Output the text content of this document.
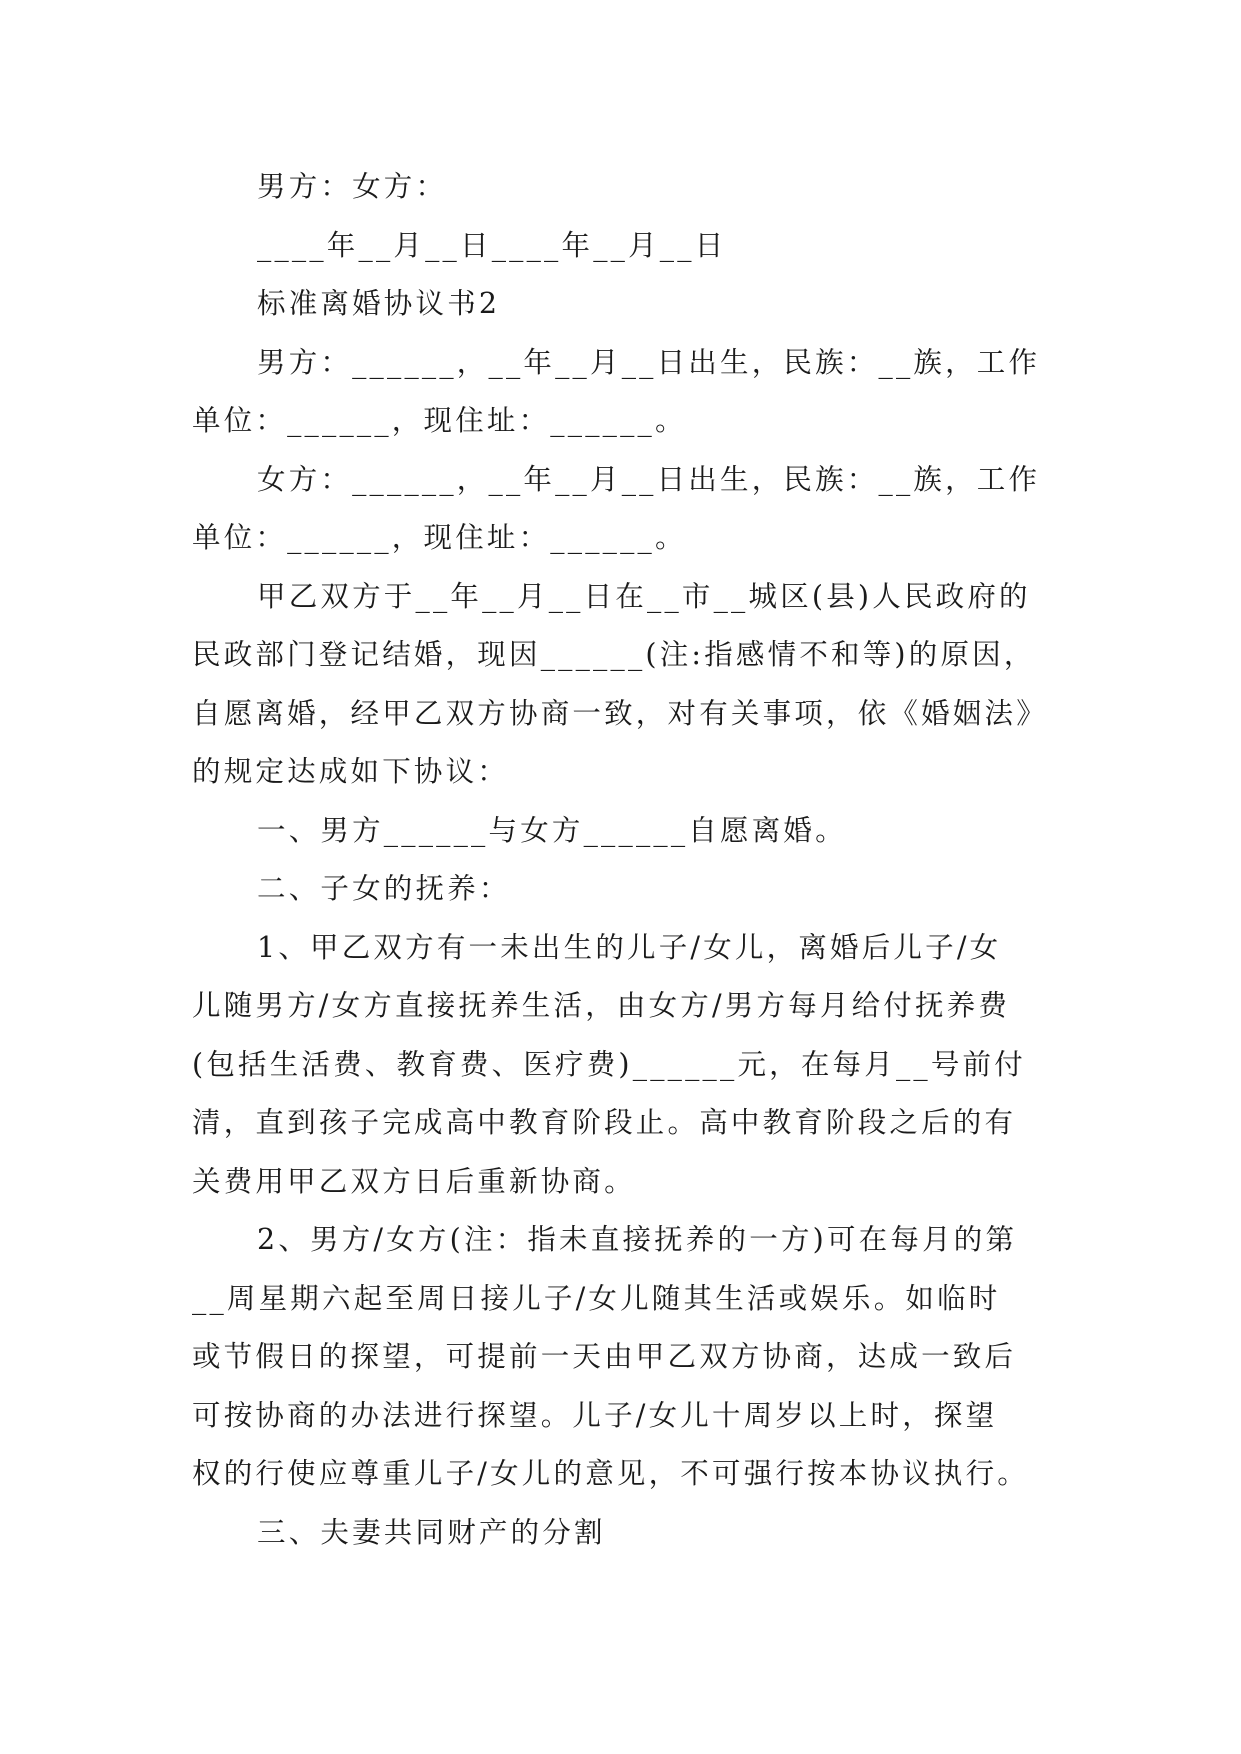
男方：女方：

____年__月__日____年__月__日

标准离婚协议书2

男方：______，__年__月__日出生，民族：__族，工作

单位：______，现住址：______。

女方：______，__年__月__日出生，民族：__族，工作

单位：______，现住址：______。

甲乙双方于__年__月__日在__市__城区(县)人民政府的

民政部门登记结婚，现因______(注:指感情不和等)的原因，

自愿离婚，经甲乙双方协商一致，对有关事项，依《婚姻法》

的规定达成如下协议：

一、男方______与女方______自愿离婚。

二、子女的抚养：

1、甲乙双方有一未出生的儿子/女儿，离婚后儿子/女

儿随男方/女方直接抚养生活，由女方/男方每月给付抚养费

(包括生活费、教育费、医疗费)______元，在每月__号前付

清，直到孩子完成高中教育阶段止。高中教育阶段之后的有

关费用甲乙双方日后重新协商。

2、男方/女方(注：指未直接抚养的一方)可在每月的第

__周星期六起至周日接儿子/女儿随其生活或娱乐。如临时

或节假日的探望，可提前一天由甲乙双方协商，达成一致后

可按协商的办法进行探望。儿子/女儿十周岁以上时，探望

权的行使应尊重儿子/女儿的意见，不可强行按本协议执行。

三、夫妻共同财产的分割
